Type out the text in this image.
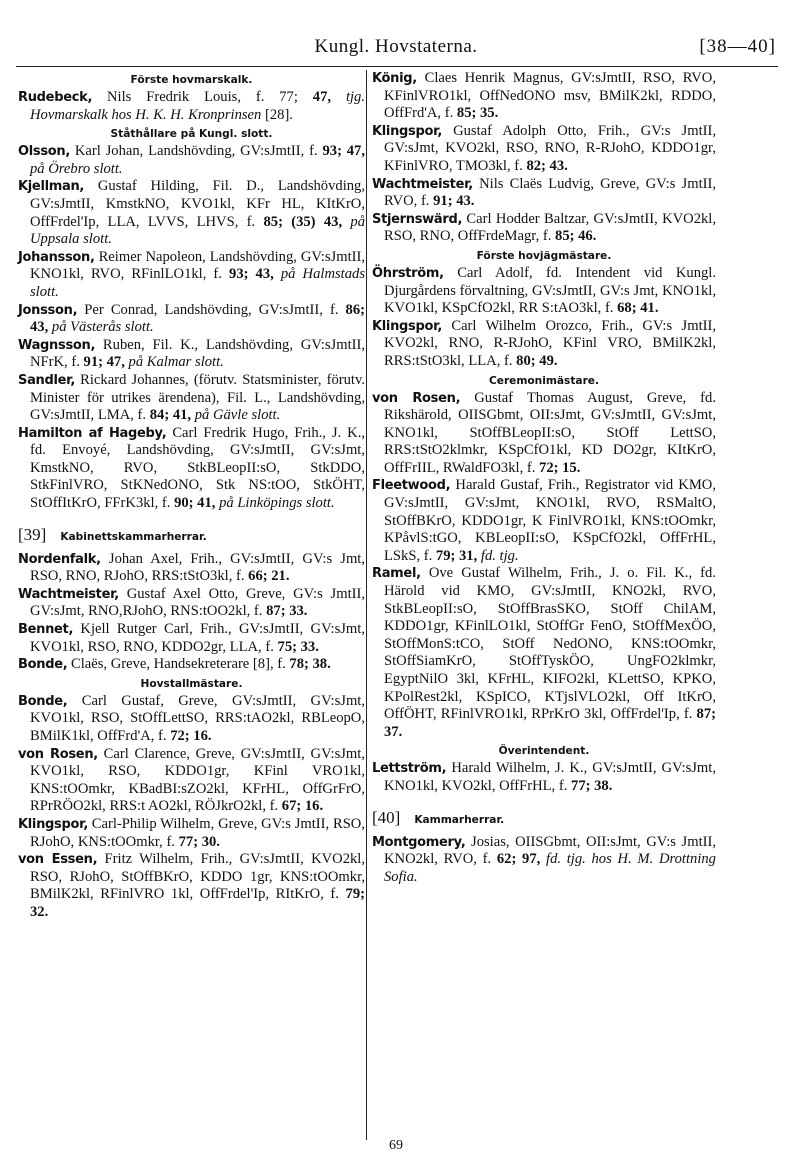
Kungl. Hovstaterna.	[38—40]
Förste hovmarskalk.

Rudebeck, Nils Fredrik Louis, f. 77; 47, tjg. Hovmarskalk hos H. K. H. Kronprinsen [28].

Ståthållare på Kungl. slott.

Olsson, Karl Johan, Landshövding, GV:sJmtII, f. 93; 47, på Örebro slott.

Kjellman, Gustaf Hilding, Fil. D., Landshövding, GV:sJmtII, KmstkNO, KVO1kl, KFr HL, KItKrO, OffFrdel'Ip, LLA, LVVS, LHVS, f. 85; (35) 43, på Uppsala slott.

Johansson, Reimer Napoleon, Landshövding, GV:sJmtII, KNO1kl, RVO, RFinlLO1kl, f. 93; 43, på Halmstads slott.

Jonsson, Per Conrad, Landshövding, GV:sJmtII, f. 86; 43, på Västerås slott.

Wagnsson, Ruben, Fil. K., Landshövding, GV:sJmtII, NFrK, f. 91; 47, på Kalmar slott.

Sandler, Rickard Johannes, (förutv. Statsminister, förutv. Minister för utrikes ärendena), Fil. L., Landshövding, GV:sJmtII, LMA, f. 84; 41, på Gävle slott.

Hamilton af Hageby, Carl Fredrik Hugo, Frih., J. K., fd. Envoyé, Landshövding, GV:sJmtII, GV:sJmt, KmstkNO, RVO, StkBLeopII:sO, StkDDO, StkFinlVRO, StKNedONO, Stk NS:tOO, StkÖHT, StOffItKrO, FFrK3kl, f. 90; 41, på Linköpings slott.

[39] Kabinettskammarherrar.

Nordenfalk, Johan Axel, Frih., GV:sJmtII, GV:s Jmt, RSO, RNO, RJohO, RRS:tStO3kl, f. 66; 21.

Wachtmeister, Gustaf Axel Otto, Greve, GV:s JmtII, GV:sJmt, RNO,RJohO, RNS:tOO2kl, f. 87; 33.

Bennet, Kjell Rutger Carl, Frih., GV:sJmtII, GV:sJmt, KVO1kl, RSO, RNO, KDDO2gr, LLA, f. 75; 33.

Bonde, Claës, Greve, Handsekreterare [8], f. 78; 38.

Hovstallmästare.

Bonde, Carl Gustaf, Greve, GV:sJmtII, GV:sJmt, KVO1kl, RSO, StOffLettSO, RRS:tAO2kl, RBLeopO, BMilK1kl, OffFrd'A, f. 72; 16.

von Rosen, Carl Clarence, Greve, GV:sJmtII, GV:sJmt, KVO1kl, RSO, KDDO1gr, KFinl VRO1kl, KNS:tOOmkr, KBadBI:sZO2kl, KFrHL, OffGrFrO, RPrRÖO2kl, RRS:t AO2kl, RÖJkrO2kl, f. 67; 16.

Klingspor, Carl-Philip Wilhelm, Greve, GV:s JmtII, RSO, RJohO, KNS:tOOmkr, f. 77; 30.

von Essen, Fritz Wilhelm, Frih., GV:sJmtII, KVO2kl, RSO, RJohO, StOffBKrO, KDDO 1gr, KNS:tOOmkr, BMilK2kl, RFinlVRO 1kl, OffFrdel'Ip, RItKrO, f. 79; 32.

König, Claes Henrik Magnus, GV:sJmtII, RSO, RVO, KFinlVRO1kl, OffNedONO msv, BMilK2kl, RDDO, OffFrd'A, f. 85; 35.

Klingspor, Gustaf Adolph Otto, Frih., GV:s JmtII, GV:sJmt, KVO2kl, RSO, RNO, R-RJohO, KDDO1gr, KFinlVRO, TMO3kl, f. 82; 43.

Wachtmeister, Nils Claës Ludvig, Greve, GV:s JmtII, RVO, f. 91; 43.

Stjernswärd, Carl Hodder Baltzar, GV:sJmtII, KVO2kl, RSO, RNO, OffFrdeMagr, f. 85; 46.

Förste hovjägmästare.

Öhrström, Carl Adolf, fd. Intendent vid Kungl. Djurgårdens förvaltning, GV:sJmtII, GV:s Jmt, KNO1kl, KVO1kl, KSpCfO2kl, RR S:tAO3kl, f. 68; 41.

Klingspor, Carl Wilhelm Orozco, Frih., GV:s JmtII, KVO2kl, RNO, R-RJohO, KFinl VRO, BMilK2kl, RRS:tStO3kl, LLA, f. 80; 49.

Ceremonimästare.

von Rosen, Gustaf Thomas August, Greve, fd. Rikshärold, OIISGbmt, OII:sJmt, GV:sJmtII, GV:sJmt, KNO1kl, StOffBLeopII:sO, StOff LettSO, RRS:tStO2klmkr, KSpCfO1kl, KD DO2gr, KItKrO, OffFrIIL, RWaldFO3kl, f. 72; 15.

Fleetwood, Harald Gustaf, Frih., Registrator vid KMO, GV:sJmtII, GV:sJmt, KNO1kl, RVO, RSMaltO, StOffBKrO, KDDO1gr, K FinlVRO1kl, KNS:tOOmkr, KPåvlS:tGO, KBLeopII:sO, KSpCfO2kl, OffFrHL, LSkS, f. 79; 31, fd. tjg.

Ramel, Ove Gustaf Wilhelm, Frih., J. o. Fil. K., fd. Härold vid KMO, GV:sJmtII, KNO2kl, RVO, StkBLeopII:sO, StOffBrasSKO, StOff ChilAM, KDDO1gr, KFinlLO1kl, StOffGr FenO, StOffMexÖO, StOffMonS:tCO, StOff NedONO, KNS:tOOmkr, StOffSiamKrO, StOffTyskÖO, UngFO2klmkr, EgyptNilO 3kl, KFrHL, KIFO2kl, KLettSO, KPKO, KPolRest2kl, KSpICO, KTjslVLO2kl, Off ItKrO, OffÖHT, RFinlVRO1kl, RPrKrO 3kl, OffFrdel'Ip, f. 87; 37.

Överintendent.

Lettström, Harald Wilhelm, J. K., GV:sJmtII, GV:sJmt, KNO1kl, KVO2kl, OffFrHL, f. 77; 38.

[40] Kammarherrar.

Montgomery, Josias, OIISGbmt, OII:sJmt, GV:s JmtII, KNO2kl, RVO, f. 62; 97, fd. tjg. hos H. M. Drottning Sofia.

69
